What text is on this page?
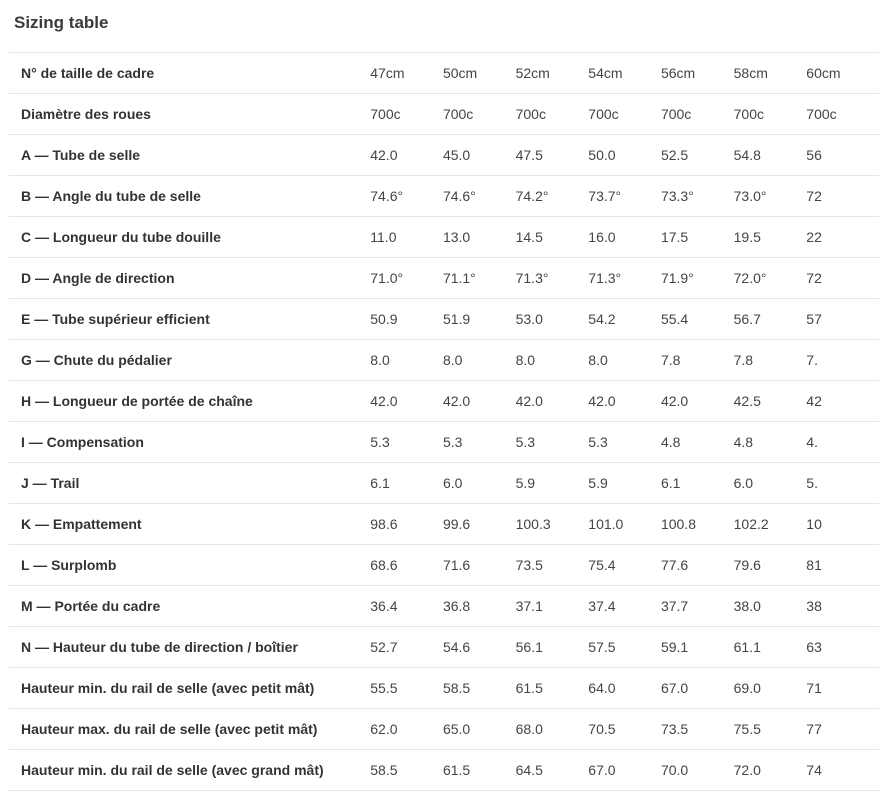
Sizing table
N° de taille de cadre	47cm	50cm	52cm	54cm	56cm	58cm	60cm
Diamètre des roues	700c	700c	700c	700c	700c	700c	700c
A — Tube de selle	42.0	45.0	47.5	50.0	52.5	54.8	56
B — Angle du tube de selle	74.6°	74.6°	74.2°	73.7°	73.3°	73.0°	72
C — Longueur du tube douille	11.0	13.0	14.5	16.0	17.5	19.5	22
D — Angle de direction	71.0°	71.1°	71.3°	71.3°	71.9°	72.0°	72
E — Tube supérieur efficient	50.9	51.9	53.0	54.2	55.4	56.7	57
G — Chute du pédalier	8.0	8.0	8.0	8.0	7.8	7.8	7.
H — Longueur de portée de chaîne	42.0	42.0	42.0	42.0	42.0	42.5	42
I — Compensation	5.3	5.3	5.3	5.3	4.8	4.8	4.
J — Trail	6.1	6.0	5.9	5.9	6.1	6.0	5.
K — Empattement	98.6	99.6	100.3	101.0	100.8	102.2	10
L — Surplomb	68.6	71.6	73.5	75.4	77.6	79.6	81
M — Portée du cadre	36.4	36.8	37.1	37.4	37.7	38.0	38
N — Hauteur du tube de direction / boîtier	52.7	54.6	56.1	57.5	59.1	61.1	63
Hauteur min. du rail de selle (avec petit mât)	55.5	58.5	61.5	64.0	67.0	69.0	71
Hauteur max. du rail de selle (avec petit mât)	62.0	65.0	68.0	70.5	73.5	75.5	77
Hauteur min. du rail de selle (avec grand mât)	58.5	61.5	64.5	67.0	70.0	72.0	74
